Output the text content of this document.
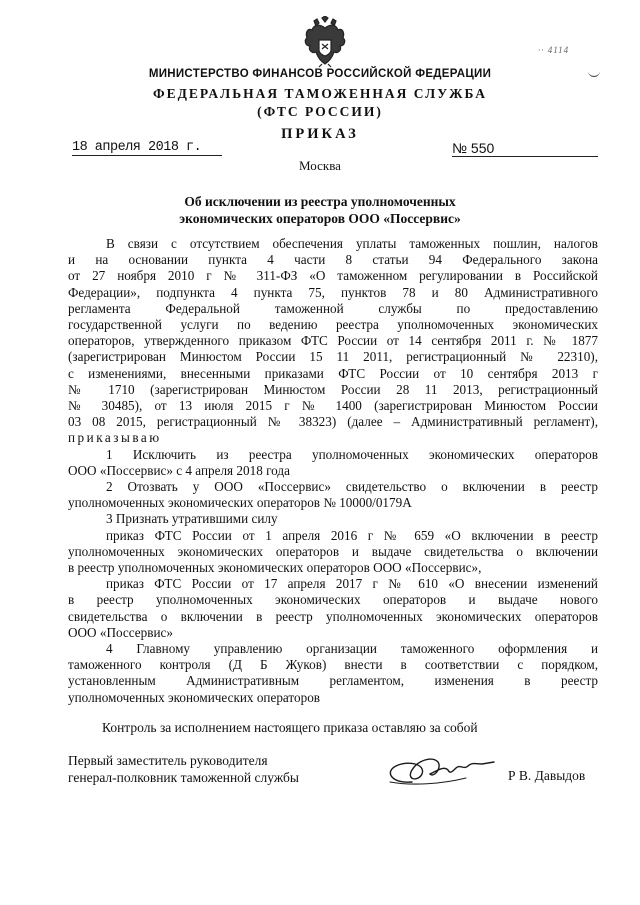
·· 4114
МИНИСТЕРСТВО ФИНАНСОВ РОССИЙСКОЙ ФЕДЕРАЦИИ
ФЕДЕРАЛЬНАЯ ТАМОЖЕННАЯ СЛУЖБА
(ФТС РОССИИ)
ПРИКАЗ
18 апреля 2018 г.	№ 550
Москва
Об исключении из реестра уполномоченных
экономических операторов ООО «Поссервис»
В связи с отсутствием обеспечения уплаты таможенных пошлин, налогов
и на основании пункта 4 части 8 статьи 94 Федерального закона
от 27 ноября 2010 г № 311-ФЗ «О таможенном регулировании в Российской
Федерации», подпункта 4 пункта 75, пунктов 78 и 80 Административного
регламента Федеральной таможенной службы по предоставлению
государственной услуги по ведению реестра уполномоченных экономических
операторов, утвержденного приказом ФТС России от 14 сентября 2011 г. № 1877
(зарегистрирован Минюстом России 15 11 2011, регистрационный № 22310),
с изменениями, внесенными приказами ФТС России от 10 сентября 2013 г
№ 1710 (зарегистрирован Минюстом России 28 11 2013, регистрационный
№ 30485), от 13 июля 2015 г № 1400 (зарегистрирован Минюстом России
03 08 2015, регистрационный № 38323) (далее – Административный регламент),
приказываю
1 Исключить из реестра уполномоченных экономических операторов
ООО «Поссервис» с 4 апреля 2018 года
2 Отозвать у ООО «Поссервис» свидетельство о включении в реестр
уполномоченных экономических операторов № 10000/0179А
3 Признать утратившими силу
приказ ФТС России от 1 апреля 2016 г № 659 «О включении в реестр
уполномоченных экономических операторов и выдаче свидетельства о включении
в реестр уполномоченных экономических операторов ООО «Поссервис»,
приказ ФТС России от 17 апреля 2017 г № 610 «О внесении изменений
в реестр уполномоченных экономических операторов и выдаче нового
свидетельства о включении в реестр уполномоченных экономических операторов
ООО «Поссервис»
4 Главному управлению организации таможенного оформления и
таможенного контроля (Д Б Жуков) внести в соответствии с порядком,
установленным Административным регламентом, изменения в реестр
уполномоченных экономических операторов
Контроль за исполнением настоящего приказа оставляю за собой
Первый заместитель руководителя
генерал-полковник таможенной службы	Р В. Давыдов
